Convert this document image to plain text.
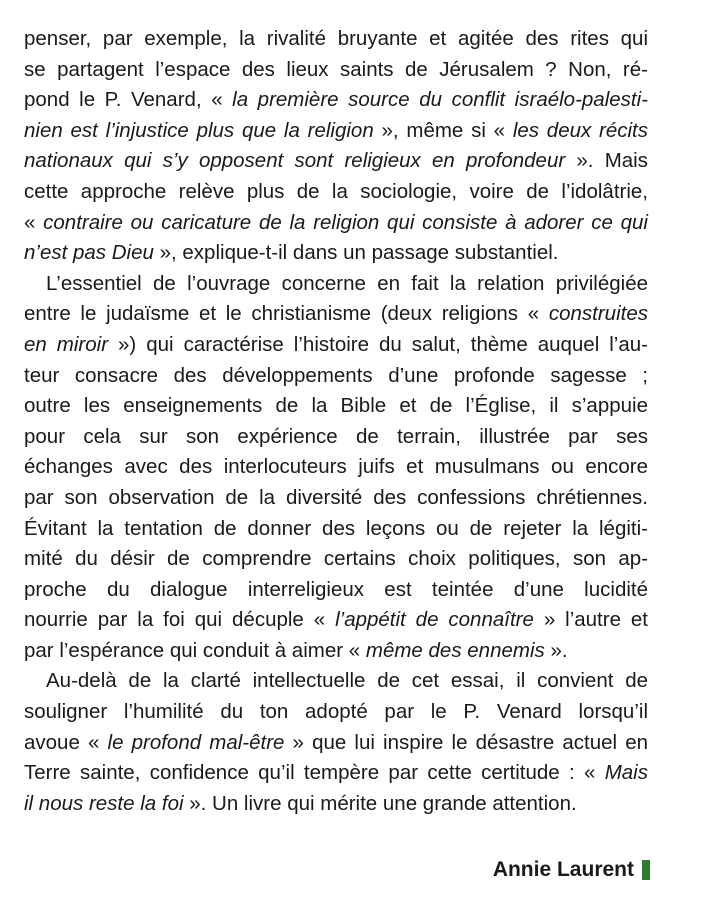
penser, par exemple, la rivalité bruyante et agitée des rites qui
se partagent l’espace des lieux saints de Jérusalem ? Non, ré-
pond le P. Venard, « la première source du conflit israélo-palesti-
nien est l’injustice plus que la religion », même si « les deux récits
nationaux qui s’y opposent sont religieux en profondeur ». Mais
cette approche relève plus de la sociologie, voire de l’idolâtrie,
« contraire ou caricature de la religion qui consiste à adorer ce qui
n’est pas Dieu », explique-t-il dans un passage substantiel.
L’essentiel de l’ouvrage concerne en fait la relation privilégiée
entre le judaïsme et le christianisme (deux religions « construites
en miroir ») qui caractérise l’histoire du salut, thème auquel l’au-
teur consacre des développements d’une profonde sagesse ;
outre les enseignements de la Bible et de l’Église, il s’appuie
pour cela sur son expérience de terrain, illustrée par ses
échanges avec des interlocuteurs juifs et musulmans ou encore
par son observation de la diversité des confessions chrétiennes.
Évitant la tentation de donner des leçons ou de rejeter la légiti-
mité du désir de comprendre certains choix politiques, son ap-
proche du dialogue interreligieux est teintée d’une lucidité
nourrie par la foi qui décuple « l’appétit de connaître » l’autre et
par l’espérance qui conduit à aimer « même des ennemis ».
Au-delà de la clarté intellectuelle de cet essai, il convient de
souligner l’humilité du ton adopté par le P. Venard lorsqu’il
avoue « le profond mal-être » que lui inspire le désastre actuel en
Terre sainte, confidence qu’il tempère par cette certitude : « Mais
il nous reste la foi ». Un livre qui mérite une grande attention.
Annie Laurent
